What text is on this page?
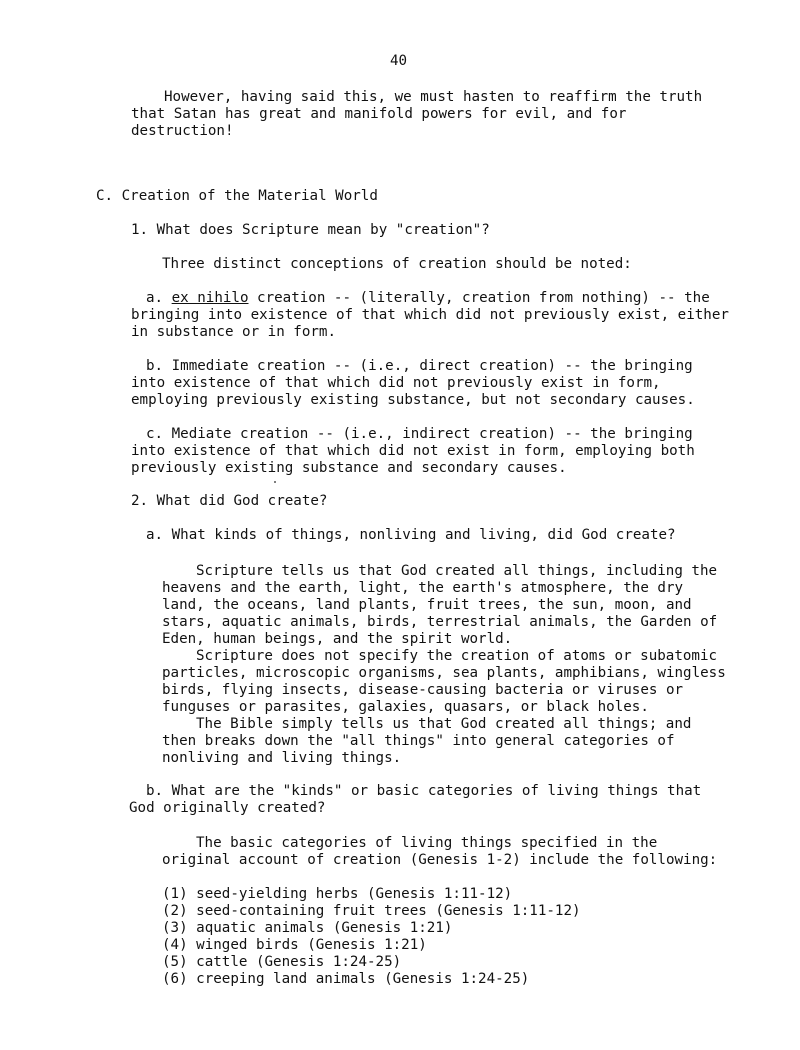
40
However, having said this, we must hasten to reaffirm the truth
that Satan has great and manifold powers for evil, and for
destruction!
C. Creation of the Material World
1. What does Scripture mean by "creation"?
Three distinct conceptions of creation should be noted:
a. ex nihilo creation -- (literally, creation from nothing) -- the
bringing into existence of that which did not previously exist, either
in substance or in form.
b. Immediate creation -- (i.e., direct creation) -- the bringing
into existence of that which did not previously exist in form,
employing previously existing substance, but not secondary causes.
c. Mediate creation -- (i.e., indirect creation) -- the bringing
into existence of that which did not exist in form, employing both
previously existing substance and secondary causes.
2. What did God create?
a. What kinds of things, nonliving and living, did God create?
Scripture tells us that God created all things, including the
heavens and the earth, light, the earth's atmosphere, the dry
land, the oceans, land plants, fruit trees, the sun, moon, and
stars, aquatic animals, birds, terrestrial animals, the Garden of
Eden, human beings, and the spirit world.
Scripture does not specify the creation of atoms or subatomic
particles, microscopic organisms, sea plants, amphibians, wingless
birds, flying insects, disease-causing bacteria or viruses or
funguses or parasites, galaxies, quasars, or black holes.
The Bible simply tells us that God created all things; and
then breaks down the "all things" into general categories of
nonliving and living things.
b. What are the "kinds" or basic categories of living things that
God originally created?
The basic categories of living things specified in the
original account of creation (Genesis 1-2) include the following:
(1) seed-yielding herbs (Genesis 1:11-12)
(2) seed-containing fruit trees (Genesis 1:11-12)
(3) aquatic animals (Genesis 1:21)
(4) winged birds (Genesis 1:21)
(5) cattle (Genesis 1:24-25)
(6) creeping land animals (Genesis 1:24-25)
